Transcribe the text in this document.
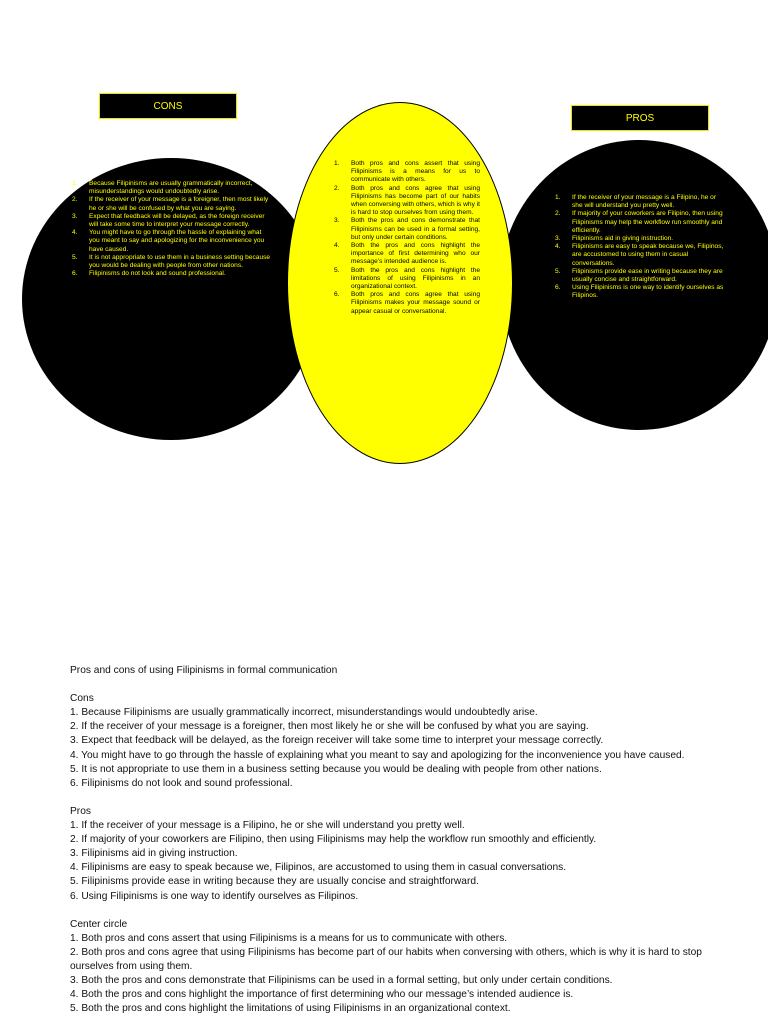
CONS
PROS
1. Because Filipinisms are usually grammatically incorrect, misunderstandings would undoubtedly arise.
2. If the receiver of your message is a foreigner, then most likely he or she will be confused by what you are saying.
3. Expect that feedback will be delayed, as the foreign receiver will take some time to interpret your message correctly.
4. You might have to go through the hassle of explaining what you meant to say and apologizing for the inconvenience you have caused.
5. It is not appropriate to use them in a business setting because you would be dealing with people from other nations.
6. Filipinisms do not look and sound professional.
1. Both pros and cons assert that using Filipinisms is a means for us to communicate with others.
2. Both pros and cons agree that using Filipinisms has become part of our habits when conversing with others, which is why it is hard to stop ourselves from using them.
3. Both the pros and cons demonstrate that Filipinisms can be used in a formal setting, but only under certain conditions.
4. Both the pros and cons highlight the importance of first determining who our message’s intended audience is.
5. Both the pros and cons highlight the limitations of using Filipinisms in an organizational context.
6. Both pros and cons agree that using Filipinisms makes your message sound or appear casual or conversational.
1. If the receiver of your message is a Filipino, he or she will understand you pretty well.
2. If majority of your coworkers are Filipino, then using Filipinisms may help the workflow run smoothly and efficiently.
3. Filipinisms aid in giving instruction.
4. Filipinisms are easy to speak because we, Filipinos, are accustomed to using them in casual conversations.
5. Filipinisms provide ease in writing because they are usually concise and straightforward.
6. Using Filipinisms is one way to identify ourselves as Filipinos.

Pros and cons of using Filipinisms in formal communication

Cons

1. Because Filipinisms are usually grammatically incorrect, misunderstandings would undoubtedly arise.

2. If the receiver of your message is a foreigner, then most likely he or she will be confused by what you are saying.

3. Expect that feedback will be delayed, as the foreign receiver will take some time to interpret your message correctly.

4. You might have to go through the hassle of explaining what you meant to say and apologizing for the inconvenience you have caused.

5. It is not appropriate to use them in a business setting because you would be dealing with people from other nations.

6. Filipinisms do not look and sound professional.

Pros

1. If the receiver of your message is a Filipino, he or she will understand you pretty well.

2. If majority of your coworkers are Filipino, then using Filipinisms may help the workflow run smoothly and efficiently.

3. Filipinisms aid in giving instruction.

4. Filipinisms are easy to speak because we, Filipinos, are accustomed to using them in casual conversations.

5. Filipinisms provide ease in writing because they are usually concise and straightforward.

6. Using Filipinisms is one way to identify ourselves as Filipinos.

Center circle

1. Both pros and cons assert that using Filipinisms is a means for us to communicate with others.

2. Both pros and cons agree that using Filipinisms has become part of our habits when conversing with others, which is why it is hard to stop ourselves from using them.

3. Both the pros and cons demonstrate that Filipinisms can be used in a formal setting, but only under certain conditions.

4. Both the pros and cons highlight the importance of first determining who our message’s intended audience is.

5. Both the pros and cons highlight the limitations of using Filipinisms in an organizational context.
